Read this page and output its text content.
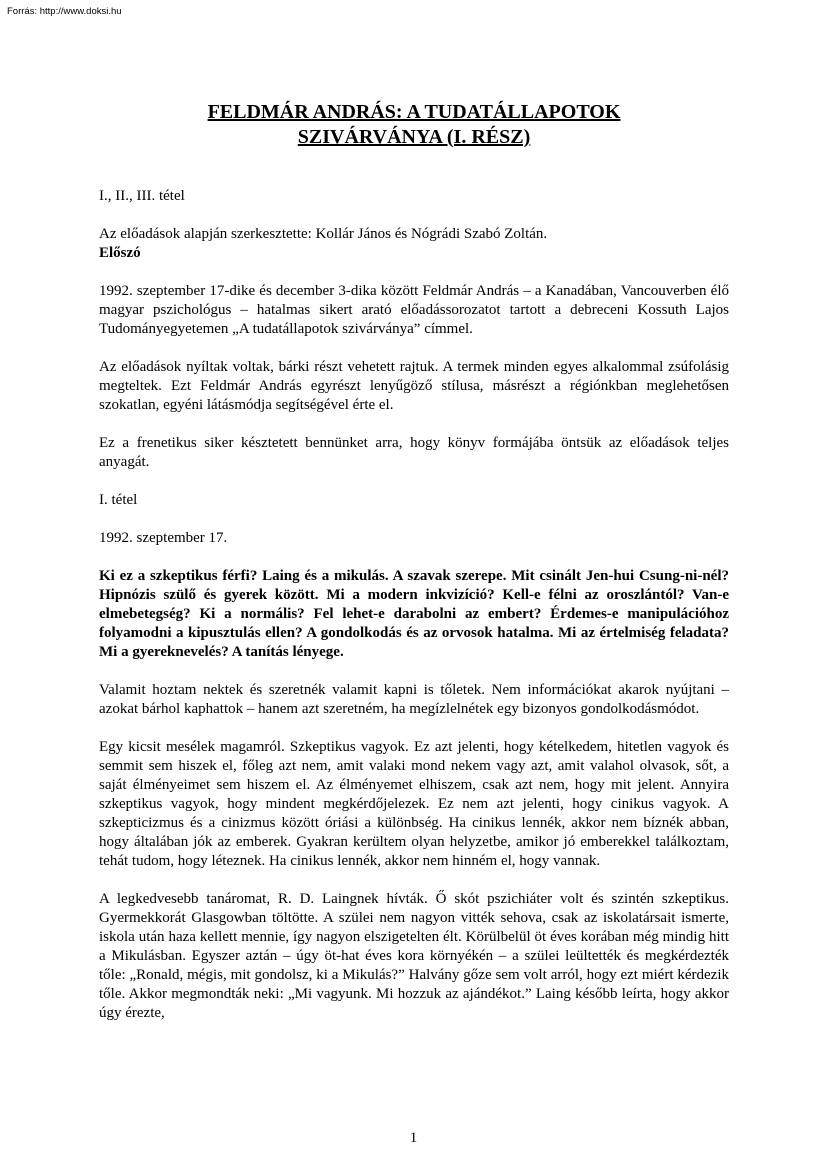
Forrás: http://www.doksi.hu
FELDMÁR ANDRÁS: A TUDATÁLLAPOTOK
SZIVÁRVÁNYA (I. RÉSZ)

I., II., III. tétel

Az előadások alapján szerkesztette: Kollár János és Nógrádi Szabó Zoltán.

Előszó

1992. szeptember 17-dike és december 3-dika között Feldmár András – a Kanadában, Vancouverben élő magyar pszichológus – hatalmas sikert arató előadássorozatot tartott a debreceni Kossuth Lajos Tudományegyetemen „A tudatállapotok szivárványa” címmel.

Az előadások nyíltak voltak, bárki részt vehetett rajtuk. A termek minden egyes alkalommal zsúfolásig megteltek. Ezt Feldmár András egyrészt lenyűgöző stílusa, másrészt a régiónkban meglehetősen szokatlan, egyéni látásmódja segítségével érte el.

Ez a frenetikus siker késztetett bennünket arra, hogy könyv formájába öntsük az előadások teljes anyagát.

I. tétel

1992. szeptember 17.

Ki ez a szkeptikus férfi? Laing és a mikulás. A szavak szerepe. Mit csinált Jen-hui Csung-ni-nél? Hipnózis szülő és gyerek között. Mi a modern inkvizíció? Kell-e félni az oroszlántól? Van-e elmebetegség? Ki a normális? Fel lehet-e darabolni az embert? Érdemes-e manipulációhoz folyamodni a kipusztulás ellen? A gondolkodás és az orvosok hatalma. Mi az értelmiség feladata? Mi a gyereknevelés? A tanítás lényege.

Valamit hoztam nektek és szeretnék valamit kapni is tőletek. Nem információkat akarok nyújtani – azokat bárhol kaphattok – hanem azt szeretném, ha megízlelnétek egy bizonyos gondolkodásmódot.

Egy kicsit mesélek magamról. Szkeptikus vagyok. Ez azt jelenti, hogy kételkedem, hitetlen vagyok és semmit sem hiszek el, főleg azt nem, amit valaki mond nekem vagy azt, amit valahol olvasok, sőt, a saját élményeimet sem hiszem el. Az élményemet elhiszem, csak azt nem, hogy mit jelent. Annyira szkeptikus vagyok, hogy mindent megkérdőjelezek. Ez nem azt jelenti, hogy cinikus vagyok. A szkepticizmus és a cinizmus között óriási a különbség. Ha cinikus lennék, akkor nem bíznék abban, hogy általában jók az emberek. Gyakran kerültem olyan helyzetbe, amikor jó emberekkel találkoztam, tehát tudom, hogy léteznek. Ha cinikus lennék, akkor nem hinném el, hogy vannak.

A legkedvesebb tanáromat, R. D. Laingnek hívták. Ő skót pszichiáter volt és szintén szkeptikus. Gyermekkorát Glasgowban töltötte. A szülei nem nagyon vitték sehova, csak az iskolatársait ismerte, iskola után haza kellett mennie, így nagyon elszigetelten élt. Körülbelül öt éves korában még mindig hitt a Mikulásban. Egyszer aztán – úgy öt-hat éves kora környékén – a szülei leültették és megkérdezték tőle: „Ronald, mégis, mit gondolsz, ki a Mikulás?” Halvány gőze sem volt arról, hogy ezt miért kérdezik tőle. Akkor megmondták neki: „Mi vagyunk. Mi hozzuk az ajándékot.” Laing később leírta, hogy akkor úgy érezte,

1
